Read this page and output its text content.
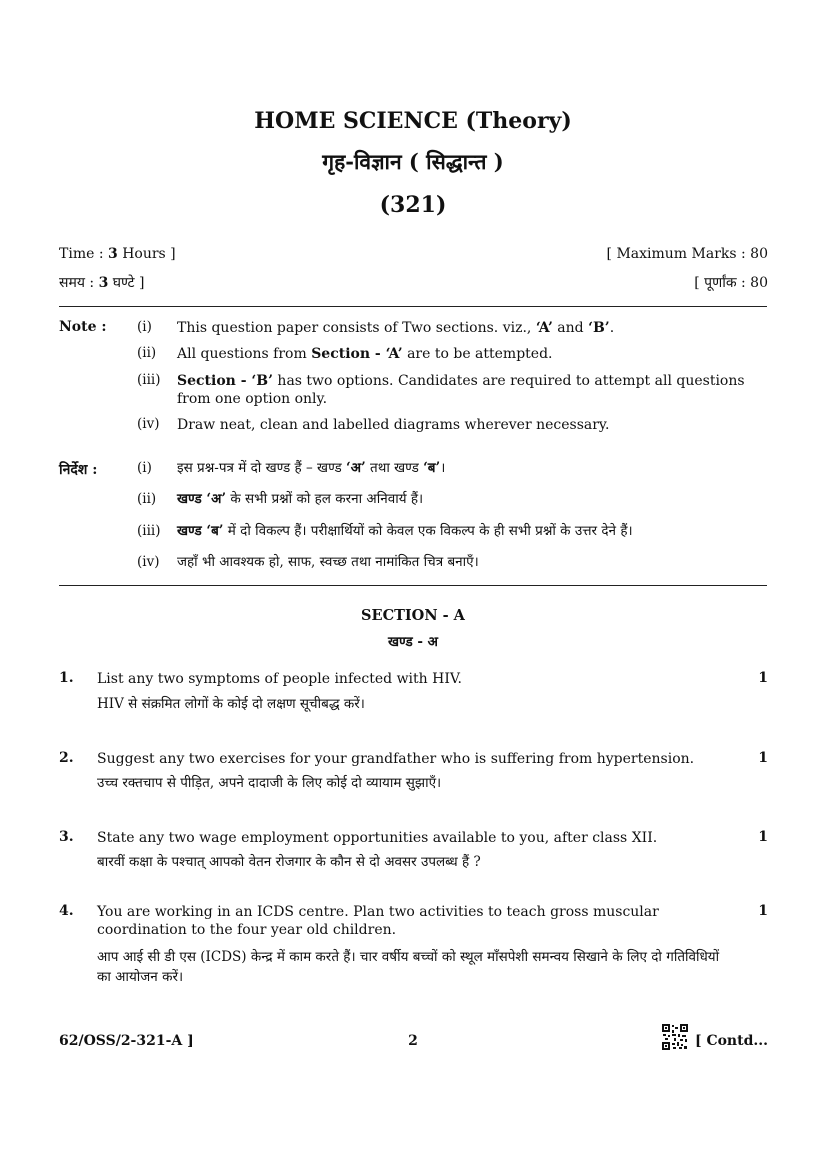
HOME SCIENCE (Theory)
गृह-विज्ञान ( सिद्धान्त )
(321)
Time : 3 Hours ]	[ Maximum Marks : 80
समय : 3 घण्टे ]	[ पूर्णांक : 80
Note : (i) This question paper consists of Two sections. viz., ‘A’ and ‘B’.
(ii) All questions from Section - ‘A’ are to be attempted.
(iii) Section - ‘B’ has two options. Candidates are required to attempt all questions from one option only.
(iv) Draw neat, clean and labelled diagrams wherever necessary.
निर्देश :	(i) इस प्रश्न-पत्र में दो खण्ड हैं – खण्ड ‘अ’ तथा खण्ड ‘ब’।
(ii) खण्ड ‘अ’ के सभी प्रश्नों को हल करना अनिवार्य हैं।
(iii) खण्ड ‘ब’ में दो विकल्प हैं। परीक्षार्थियों को केवल एक विकल्प के ही सभी प्रश्नों के उत्तर देने हैं।
(iv) जहाँ भी आवश्यक हो, साफ, स्वच्छ तथा नामांकित चित्र बनाएँ।
SECTION - A
खण्ड - अ
1. List any two symptoms of people infected with HIV.
HIV से संक्रमित लोगों के कोई दो लक्षण सूचीबद्ध करें।
1
2. Suggest any two exercises for your grandfather who is suffering from hypertension.
उच्च रक्तचाप से पीड़ित, अपने दादाजी के लिए कोई दो व्यायाम सुझाएँ।
1
3. State any two wage employment opportunities available to you, after class XII.
बारवीं कक्षा के पश्चात् आपको वेतन रोजगार के कौन से दो अवसर उपलब्ध हैं ?
1
4. You are working in an ICDS centre. Plan two activities to teach gross muscular coordination to the four year old children.
आप आई सी डी एस (ICDS) केन्द्र में काम करते हैं। चार वर्षीय बच्चों को स्थूल माँसपेशी समन्वय सिखाने के लिए दो गतिविधियों का आयोजन करें।
1
62/OSS/2-321-A ]	2	[ Contd...
